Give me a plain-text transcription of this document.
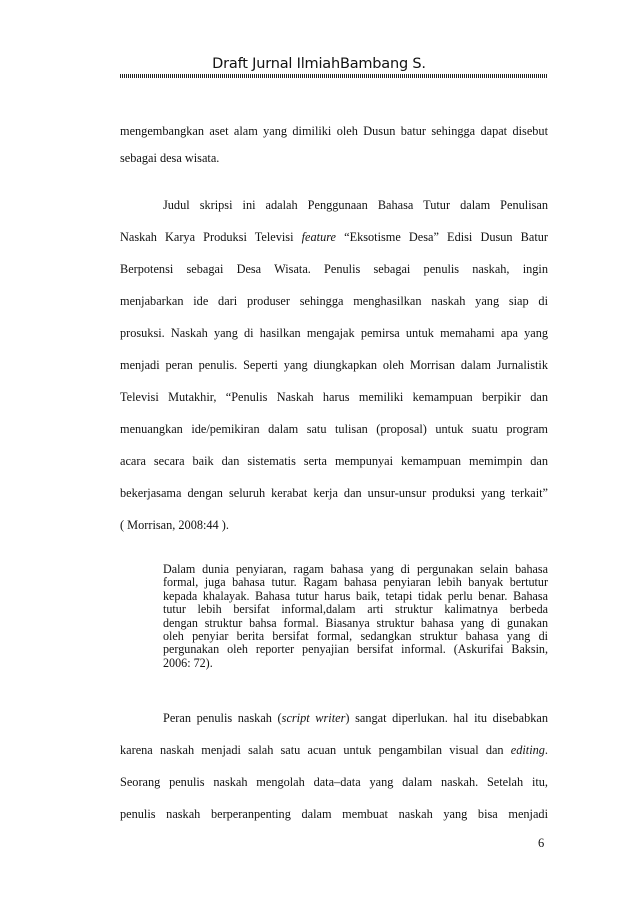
Draft Jurnal IlmiahBambang S.
mengembangkan aset alam yang dimiliki oleh Dusun batur sehingga dapat disebut
sebagai desa wisata.
Judul skripsi ini adalah Penggunaan Bahasa Tutur dalam Penulisan
Naskah Karya Produksi Televisi feature “Eksotisme Desa” Edisi Dusun Batur
Berpotensi sebagai Desa Wisata. Penulis sebagai penulis naskah, ingin
menjabarkan ide dari produser sehingga menghasilkan naskah yang siap di
prosuksi. Naskah yang di hasilkan mengajak pemirsa untuk memahami apa yang
menjadi peran penulis. Seperti yang diungkapkan oleh Morrisan dalam Jurnalistik
Televisi Mutakhir, “Penulis Naskah harus memiliki kemampuan berpikir dan
menuangkan ide/pemikiran dalam satu tulisan (proposal) untuk suatu program
acara secara baik dan sistematis serta mempunyai kemampuan memimpin dan
bekerjasama dengan seluruh kerabat kerja dan unsur-unsur produksi yang terkait”
( Morrisan, 2008:44 ).
Dalam dunia penyiaran, ragam bahasa yang di pergunakan selain bahasa
formal, juga bahasa tutur. Ragam bahasa penyiaran lebih banyak bertutur
kepada khalayak. Bahasa tutur harus baik, tetapi tidak perlu benar. Bahasa
tutur lebih bersifat informal,dalam arti struktur kalimatnya berbeda
dengan struktur bahsa formal. Biasanya struktur bahasa yang di gunakan
oleh penyiar berita bersifat formal, sedangkan struktur bahasa yang di
pergunakan oleh reporter penyajian bersifat informal. (Askurifai Baksin,
2006: 72).
Peran penulis naskah (script writer) sangat diperlukan. hal itu disebabkan
karena naskah menjadi salah satu acuan untuk pengambilan visual dan editing.
Seorang penulis naskah mengolah data–data yang dalam naskah. Setelah itu,
penulis naskah berperanpenting dalam membuat naskah yang bisa menjadi
6
